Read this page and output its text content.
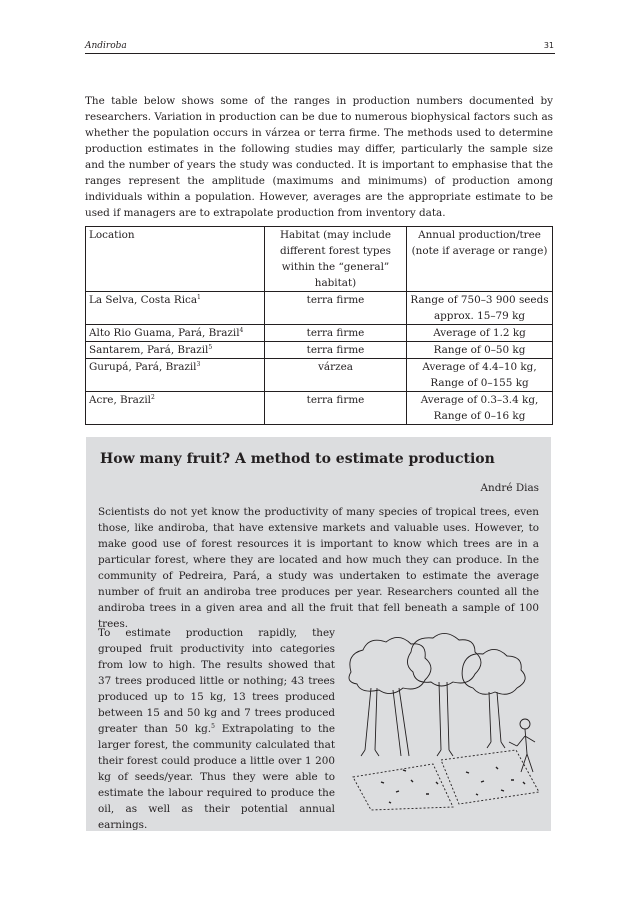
Andiroba	31

The table below shows some of the ranges in production numbers documented by researchers. Variation in production can be due to numerous biophysical factors such as whether the population occurs in várzea or terra firme. The methods used to determine production estimates in the following studies may differ, particularly the sample size and the number of years the study was conducted. It is important to emphasise that the ranges represent the amplitude (maximums and minimums) of production among individuals within a population. However, averages are the appropriate estimate to be used if managers are to extrapolate production from inventory data.

Location	Habitat (may include different forest types within the “general” habitat)	Annual production/tree (note if average or range)
La Selva, Costa Rica$^1$	terra firme	Range of 750–3 900 seeds approx. 15–79 kg
Alto Rio Guama, Pará, Brazil$^4$	terra firme	Average of 1.2 kg
Santarem, Pará, Brazil$^5$	terra firme	Range of 0–50 kg
Gurupá, Pará, Brazil$^3$	várzea	Average of 4.4–10 kg, Range of 0–155 kg
Acre, Brazil$^2$	terra firme	Average of 0.3–3.4 kg, Range of 0–16 kg
How many fruit? A method to estimate production
André Dias

Scientists do not yet know the productivity of many species of tropical trees, even those, like andiroba, that have extensive markets and valuable uses. However, to make good use of forest resources it is important to know which trees are in a particular forest, where they are located and how much they can produce. In the community of Pedreira, Pará, a study was undertaken to estimate the average number of fruit an andiroba tree produces per year. Researchers counted all the andiroba trees in a given area and all the fruit that fell beneath a sample of 100 trees.

To estimate production rapidly, they grouped fruit productivity into categories from low to high. The results showed that 37 trees produced little or nothing; 43 trees produced up to 15 kg, 13 trees produced between 15 and 50 kg and 7 trees produced greater than 50 kg.$^5$ Extrapolating to the larger forest, the community calculated that their forest could produce a little over 1 200 kg of seeds/year. Thus they were able to estimate the labour required to produce the oil, as well as their potential annual earnings.
